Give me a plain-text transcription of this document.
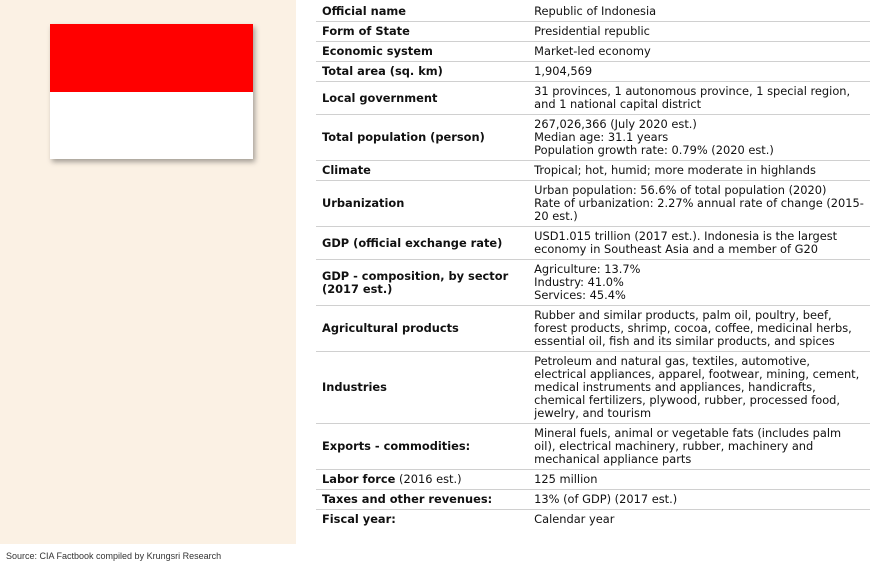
Source: CIA Factbook compiled by Krungsri Research
Official name	Republic of Indonesia

Form of State	Presidential republic

Economic system	Market-led economy

Total area (sq. km)	1,904,569

Local government	31 provinces, 1 autonomous province, 1 special region, and 1 national capital district

Total population (person)	267,026,366 (July 2020 est.)
Median age: 31.1 years
Population growth rate: 0.79% (2020 est.)

Climate	Tropical; hot, humid; more moderate in highlands

Urbanization	Urban population: 56.6% of total population (2020)
Rate of urbanization: 2.27% annual rate of change (2015-20 est.)

GDP (official exchange rate)	USD1.015 trillion (2017 est.). Indonesia is the largest economy in Southeast Asia and a member of G20

GDP - composition, by sector (2017 est.)	Agriculture: 13.7%
Industry: 41.0%
Services: 45.4%

Agricultural products	Rubber and similar products, palm oil, poultry, beef, forest products, shrimp, cocoa, coffee, medicinal herbs, essential oil, fish and its similar products, and spices

Industries	Petroleum and natural gas, textiles, automotive, electrical appliances, apparel, footwear, mining, cement, medical instruments and appliances, handicrafts, chemical fertilizers, plywood, rubber, processed food, jewelry, and tourism

Exports - commodities:	Mineral fuels, animal or vegetable fats (includes palm oil), electrical machinery, rubber, machinery and mechanical appliance parts

Labor force (2016 est.)	125 million

Taxes and other revenues:	13% (of GDP) (2017 est.)

Fiscal year:	Calendar year
